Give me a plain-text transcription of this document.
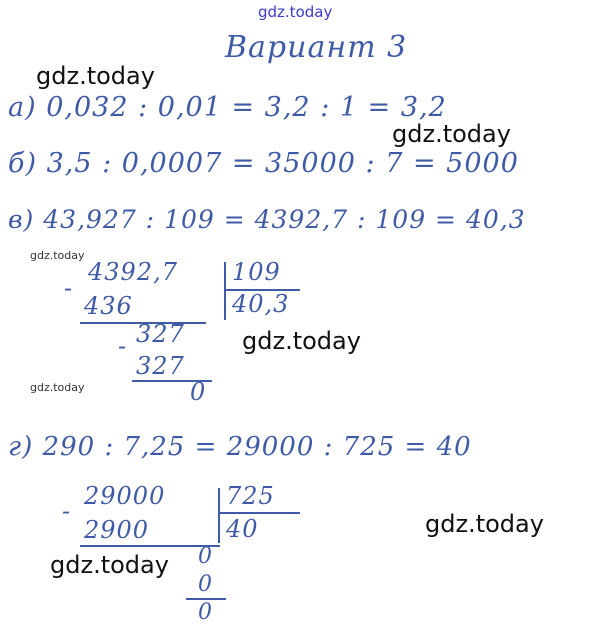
gdz.today
gdz.today
gdz.today
gdz.today
gdz.today
gdz.today
gdz.today
gdz.today
Вариант 3
а) 0,032 : 0,01 = 3,2 : 1 = 3,2
б) 3,5 : 0,0007 = 35000 : 7 = 5000
в) 43,927 : 109 = 4392,7 : 109 = 40,3
4392,7 109
40,3
-
436
327
-
327
0
г) 290 : 7,25 = 29000 : 725 = 40
29000	725
40
-
2900
0
0
0
